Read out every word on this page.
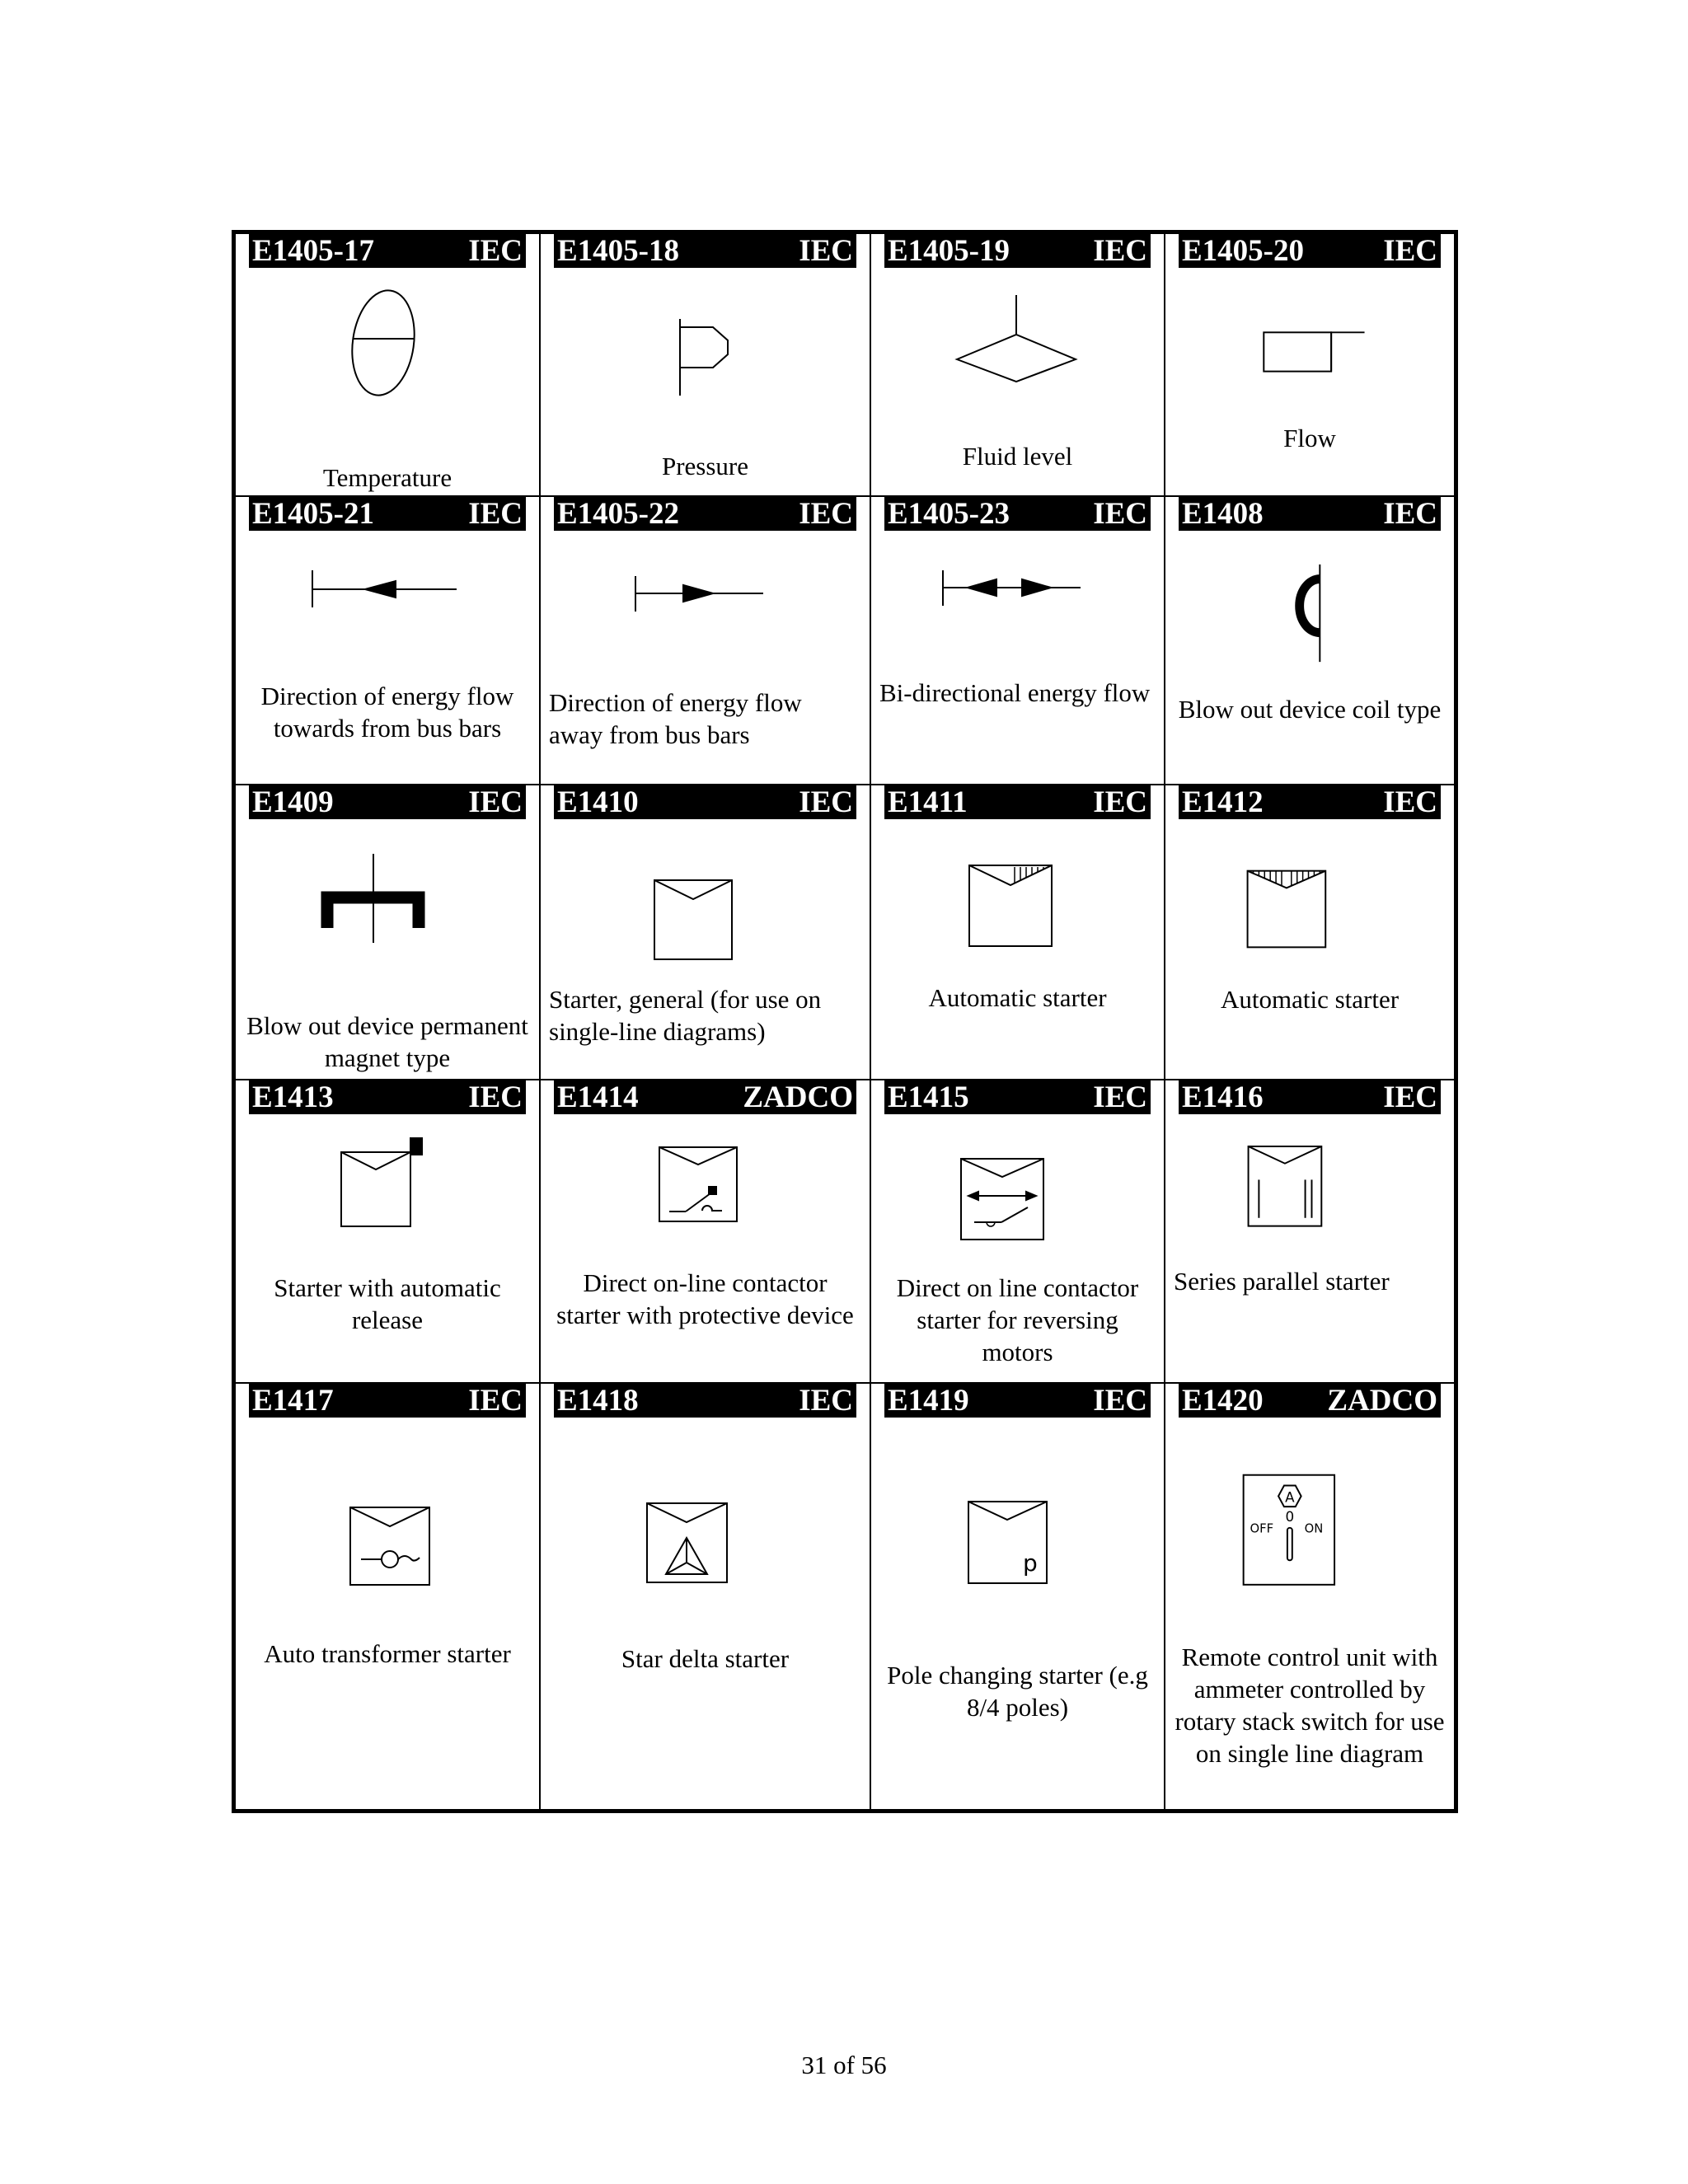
E1405-17	IEC
Temperature
E1405-18	IEC
Pressure
E1405-19	IEC
Fluid level
E1405-20	IEC
Flow
E1405-21	IEC
Direction of energy flow towards from bus bars
E1405-22	IEC
Direction of energy flow away from bus bars
E1405-23	IEC
Bi-directional energy flow
E1408	IEC
Blow out device coil type
E1409	IEC
Blow out device permanent magnet type
E1410	IEC
Starter, general (for use on single-line diagrams)
E1411	IEC
Automatic starter
E1412	IEC
Automatic starter
E1413	IEC
Starter with automatic release
E1414	ZADCO
Direct on-line contactor starter with protective device
E1415	IEC
Direct on line contactor starter for reversing motors
E1416	IEC
Series parallel starter
E1417	IEC
Auto transformer starter
E1418	IEC
Star delta starter
E1419	IEC
p
Pole changing starter (e.g 8/4 poles)
E1420 ZADCO
A
0
OFF ON
Remote control unit with ammeter controlled by rotary stack switch for use on single line diagram
31 of 56
